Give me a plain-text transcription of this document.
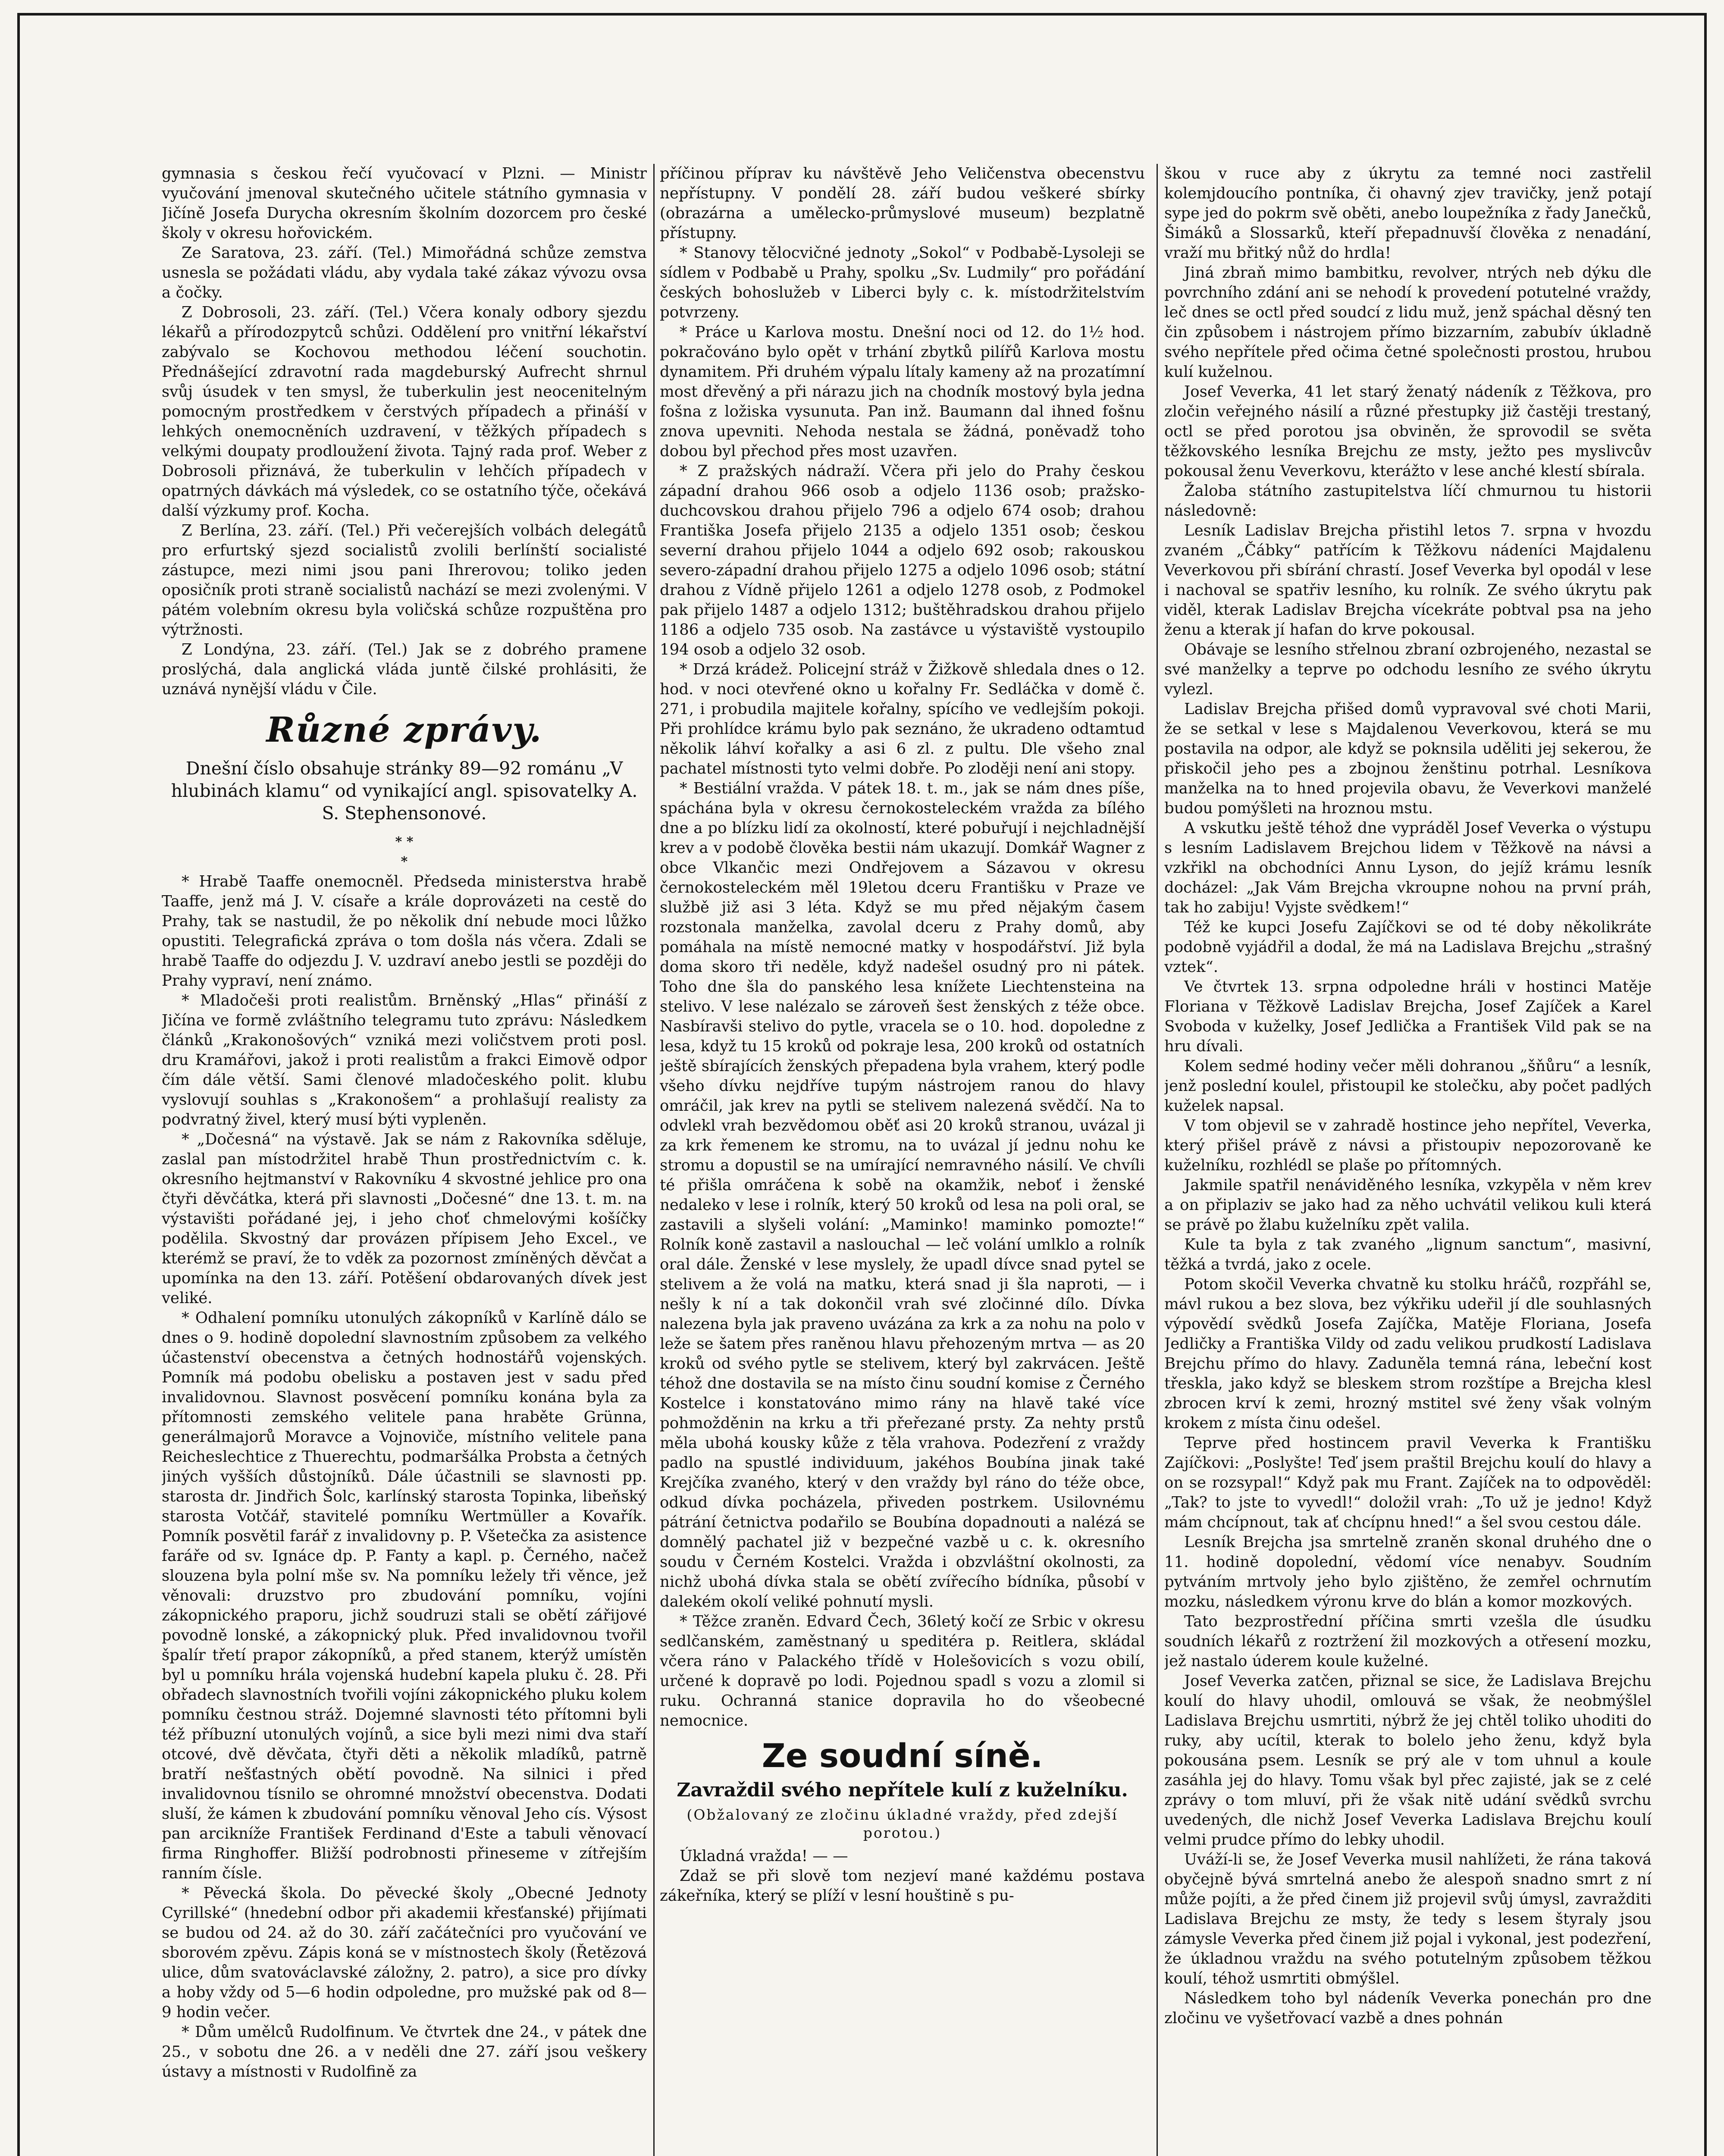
gymnasia s českou řečí vyučovací v Plzni. — Ministr vyučování jmenoval skutečného učitele státního gymnasia v Jičíně Josefa Durycha okresním školním dozorcem pro české školy v okresu hořovickém.

Ze Saratova, 23. září. (Tel.) Mimořádná schůze zemstva usnesla se požádati vládu, aby vydala také zákaz vývozu ovsa a čočky.

Z Dobrosoli, 23. září. (Tel.) Včera konaly odbory sjezdu lékařů a přírodozpytců schůzi. Oddělení pro vnitřní lékařství zabývalo se Kochovou methodou léčení souchotin. Přednášející zdravotní rada magdeburský Aufrecht shrnul svůj úsudek v ten smysl, že tuberkulin jest neocenitelným pomocným prostředkem v čerstvých případech a přináší v lehkých onemocněních uzdravení, v těžkých případech s velkými doupaty prodloužení života. Tajný rada prof. Weber z Dobrosoli přiznává, že tuberkulin v lehčích případech v opatrných dávkách má výsledek, co se ostatního týče, očekává další výzkumy prof. Kocha.

Z Berlína, 23. září. (Tel.) Při večerejších volbách delegátů pro erfurtský sjezd socialistů zvolili berlínští socialisté zástupce, mezi nimi jsou pani Ihrerovou; toliko jeden oposičník proti straně socialistů nachází se mezi zvolenými. V pátém volebním okresu byla voličská schůze rozpuštěna pro výtržnosti.

Z Londýna, 23. září. (Tel.) Jak se z dobrého pramene proslýchá, dala anglická vláda juntě čilské prohlásiti, že uznává nynější vládu v Čile.

Různé zprávy.
Dnešní číslo obsahuje stránky 89—92 románu „V hlubinách klamu“ od vynikající angl. spisovatelky A. S. Stephensonové.
* *
*

* Hrabě Taaffe onemocněl. Předseda ministerstva hrabě Taaffe, jenž má J. V. císaře a krále doprovázeti na cestě do Prahy, tak se nastudil, že po několik dní nebude moci lůžko opustiti. Telegrafická zpráva o tom došla nás včera. Zdali se hrabě Taaffe do odjezdu J. V. uzdraví anebo jestli se později do Prahy vypraví, není známo.

* Mladočeši proti realistům. Brněnský „Hlas“ přináší z Jičína ve formě zvláštního telegramu tuto zprávu: Následkem článků „Krakonošových“ vzniká mezi voličstvem proti posl. dru Kramářovi, jakož i proti realistům a frakci Eimově odpor čím dále větší. Sami členové mladočeského polit. klubu vyslovují souhlas s „Krakonošem“ a prohlašují realisty za podvratný živel, který musí býti vypleněn.

* „Dočesná“ na výstavě. Jak se nám z Rakovníka sděluje, zaslal pan místodržitel hrabě Thun prostřednictvím c. k. okresního hejtmanství v Rakovníku 4 skvostné jehlice pro ona čtyři děvčátka, která při slavnosti „Dočesné“ dne 13. t. m. na výstavišti pořádané jej, i jeho choť chmelovými košíčky podělila. Skvostný dar provázen přípisem Jeho Excel., ve kterémž se praví, že to vděk za pozornost zmíněných děvčat a upomínka na den 13. září. Potěšení obdarovaných dívek jest veliké.

* Odhalení pomníku utonulých zákopníků v Karlíně dálo se dnes o 9. hodině dopolední slavnostním způsobem za velkého účastenství obecenstva a četných hodnostářů vojenských. Pomník má podobu obelisku a postaven jest v sadu před invalidovnou. Slavnost posvěcení pomníku konána byla za přítomnosti zemského velitele pana hraběte Grünna, generálmajorů Moravce a Vojnoviče, místního velitele pana Reicheslechtice z Thuerechtu, podmaršálka Probsta a četných jiných vyšších důstojníků. Dále účastnili se slavnosti pp. starosta dr. Jindřich Šolc, karlínský starosta Topinka, libeňský starosta Votčář, stavitelé pomníku Wertmüller a Kovařík. Pomník posvětil farář z invalidovny p. P. Všetečka za asistence faráře od sv. Ignáce dp. P. Fanty a kapl. p. Černého, načež slouzena byla polní mše sv. Na pomníku ležely tři věnce, jež věnovali: druzstvo pro zbudování pomníku, vojíni zákopnického praporu, jichž soudruzi stali se obětí zářijové povodně lonské, a zákopnický pluk. Před invalidovnou tvořil špalír třetí prapor zákopníků, a před stanem, kterýž umístěn byl u pomníku hrála vojenská hudební kapela pluku č. 28. Při obřadech slavnostních tvořili vojíni zákopnického pluku kolem pomníku čestnou stráž. Dojemné slavnosti této přítomni byli též příbuzní utonulých vojínů, a sice byli mezi nimi dva staří otcové, dvě děvčata, čtyři děti a několik mladíků, patrně bratří nešťastných obětí povodně. Na silnici i před invalidovnou tísnilo se ohromné množství obecenstva. Dodati sluší, že kámen k zbudování pomníku věnoval Jeho cís. Výsost pan arcikníže František Ferdinand d'Este a tabuli věnovací firma Ringhoffer. Bližší podrobnosti přineseme v zítřejším ranním čísle.

* Pěvecká škola. Do pěvecké školy „Obecné Jednoty Cyrillské“ (hnedební odbor při akademii křesťanské) přijímati se budou od 24. až do 30. září začátečníci pro vyučování ve sborovém zpěvu. Zápis koná se v místnostech školy (Řetězová ulice, dům svatováclavské záložny, 2. patro), a sice pro dívky a hoby vždy od 5—6 hodin odpoledne, pro mužské pak od 8—9 hodin večer.

* Dům umělců Rudolfinum. Ve čtvrtek dne 24., v pátek dne 25., v sobotu dne 26. a v neděli dne 27. září jsou veškery ústavy a místnosti v Rudolfině za

příčinou příprav ku návštěvě Jeho Veličenstva obecenstvu nepřístupny. V pondělí 28. září budou veškeré sbírky (obrazárna a umělecko-průmyslové museum) bezplatně přístupny.

* Stanovy tělocvičné jednoty „Sokol“ v Podbabě-Lysoleji se sídlem v Podbabě u Prahy, spolku „Sv. Ludmily“ pro pořádání českých bohoslužeb v Liberci byly c. k. místodržitelstvím potvrzeny.

* Práce u Karlova mostu. Dnešní noci od 12. do 1½ hod. pokračováno bylo opět v trhání zbytků pilířů Karlova mostu dynamitem. Při druhém výpalu lítaly kameny až na prozatímní most dřevěný a při nárazu jich na chodník mostový byla jedna fošna z ložiska vysunuta. Pan inž. Baumann dal ihned fošnu znova upevniti. Nehoda nestala se žádná, poněvadž toho dobou byl přechod přes most uzavřen.

* Z pražských nádraží. Včera při jelo do Prahy českou západní drahou 966 osob a odjelo 1136 osob; pražsko-duchcovskou drahou přijelo 796 a odjelo 674 osob; drahou Františka Josefa přijelo 2135 a odjelo 1351 osob; českou severní drahou přijelo 1044 a odjelo 692 osob; rakouskou severo-západní drahou přijelo 1275 a odjelo 1096 osob; státní drahou z Vídně přijelo 1261 a odjelo 1278 osob, z Podmokel pak přijelo 1487 a odjelo 1312; buštěhradskou drahou přijelo 1186 a odjelo 735 osob. Na zastávce u výstaviště vystoupilo 194 osob a odjelo 32 osob.

* Drzá krádež. Policejní stráž v Žižkově shledala dnes o 12. hod. v noci otevřené okno u kořalny Fr. Sedláčka v domě č. 271, i probudila majitele kořalny, spícího ve vedlejším pokoji. Při prohlídce krámu bylo pak seznáno, že ukradeno odtamtud několik láhví kořalky a asi 6 zl. z pultu. Dle všeho znal pachatel místnosti tyto velmi dobře. Po zloději není ani stopy.

* Bestiální vražda. V pátek 18. t. m., jak se nám dnes píše, spáchána byla v okresu černokosteleckém vražda za bílého dne a po blízku lidí za okolností, které pobuřují i nejchladnější krev a v podobě člověka bestii nám ukazují. Domkář Wagner z obce Vlkančic mezi Ondřejovem a Sázavou v okresu černokosteleckém měl 19letou dceru Františku v Praze ve službě již asi 3 léta. Když se mu před nějakým časem rozstonala manželka, zavolal dceru z Prahy domů, aby pomáhala na místě nemocné matky v hospodářství. Již byla doma skoro tři neděle, když nadešel osudný pro ni pátek. Toho dne šla do panského lesa knížete Liechtensteina na stelivo. V lese nalézalo se zároveň šest ženských z téže obce. Nasbíravši stelivo do pytle, vracela se o 10. hod. dopoledne z lesa, když tu 15 kroků od pokraje lesa, 200 kroků od ostatních ještě sbírajících ženských přepadena byla vrahem, který podle všeho dívku nejdříve tupým nástrojem ranou do hlavy omráčil, jak krev na pytli se stelivem nalezená svědčí. Na to odvlekl vrah bezvědomou oběť asi 20 kroků stranou, uvázal ji za krk řemenem ke stromu, na to uvázal jí jednu nohu ke stromu a dopustil se na umírající nemravného násilí. Ve chvíli té přišla omráčena k sobě na okamžik, neboť i ženské nedaleko v lese i rolník, který 50 kroků od lesa na poli oral, se zastavili a slyšeli volání: „Maminko! maminko pomozte!“ Rolník koně zastavil a naslouchal — leč volání umlklo a rolník oral dále. Ženské v lese myslely, že upadl dívce snad pytel se stelivem a že volá na matku, která snad ji šla naproti, — i nešly k ní a tak dokončil vrah své zločinné dílo. Dívka nalezena byla jak praveno uvázána za krk a za nohu na polo v leže se šatem přes raněnou hlavu přehozeným mrtva — as 20 kroků od svého pytle se stelivem, který byl zakrvácen. Ještě téhož dne dostavila se na místo činu soudní komise z Černého Kostelce i konstatováno mimo rány na hlavě také více pohmožděnin na krku a tři přeřezané prsty. Za nehty prstů měla ubohá kousky kůže z těla vrahova. Podezření z vraždy padlo na spustlé individuum, jakéhos Boubína jinak také Krejčíka zvaného, který v den vraždy byl ráno do téže obce, odkud dívka pocházela, přiveden postrkem. Usilovnému pátrání četnictva podařilo se Boubína dopadnouti a nalézá se domnělý pachatel již v bezpečné vazbě u c. k. okresního soudu v Černém Kostelci. Vražda i obzvláštní okolnosti, za nichž ubohá dívka stala se obětí zvířecího bídníka, působí v dalekém okolí veliké pohnutí mysli.

* Těžce zraněn. Edvard Čech, 36letý kočí ze Srbic v okresu sedlčanském, zaměstnaný u speditéra p. Reitlera, skládal včera ráno v Palackého třídě v Holešovicích s vozu obilí, určené k dopravě po lodi. Pojednou spadl s vozu a zlomil si ruku. Ochranná stanice dopravila ho do všeobecné nemocnice.

Ze soudní síně.
Zavraždil svého nepřítele kulí z kuželníku.
(Obžalovaný ze zločinu úkladné vraždy, před zdejší porotou.)

Úkladná vražda! — —

Zdaž se při slově tom nezjeví mané každému postava zákeřníka, který se plíží v lesní houštině s pu-

škou v ruce aby z úkrytu za temné noci zastřelil kolemjdoucího pontníka, či ohavný zjev travičky, jenž potají sype jed do pokrm svě oběti, anebo loupežníka z řady Janečků, Šimáků a Slossarků, kteří přepadnuvší člověka z nenadání, vraží mu břitký nůž do hrdla!

Jiná zbraň mimo bambitku, revolver, ntrých neb dýku dle povrchního zdání ani se nehodí k provedení potutelné vraždy, leč dnes se octl před soudcí z lidu muž, jenž spáchal děsný ten čin způsobem i nástrojem přímo bizzarním, zabubív úkladně svého nepřítele před očima četné společnosti prostou, hrubou kulí kuželnou.

Josef Veverka, 41 let starý ženatý nádeník z Těžkova, pro zločin veřejného násilí a různé přestupky již častěji trestaný, octl se před porotou jsa obviněn, že sprovodil se světa těžkovského lesníka Brejchu ze msty, ježto pes myslivcův pokousal ženu Veverkovu, kterážto v lese anché klestí sbírala.

Žaloba státního zastupitelstva líčí chmurnou tu historii následovně:

Lesník Ladislav Brejcha přistihl letos 7. srpna v hvozdu zvaném „Čábky“ patřícím k Těžkovu nádeníci Majdalenu Veverkovou při sbírání chrastí. Josef Veverka byl opodál v lese i nachoval se spatřiv lesního, ku rolník. Ze svého úkrytu pak viděl, kterak Ladislav Brejcha vícekráte pobtval psa na jeho ženu a kterak jí hafan do krve pokousal.

Obávaje se lesního střelnou zbraní ozbrojeného, nezastal se své manželky a teprve po odchodu lesního ze svého úkrytu vylezl.

Ladislav Brejcha přišed domů vypravoval své choti Marii, že se setkal v lese s Majdalenou Veverkovou, která se mu postavila na odpor, ale když se poknsila uděliti jej sekerou, že přiskočil jeho pes a zbojnou ženštinu potrhal. Lesníkova manželka na to hned projevila obavu, že Veverkovi manželé budou pomýšleti na hroznou mstu.

A vskutku ještě téhož dne vypráděl Josef Veverka o výstupu s lesním Ladislavem Brejchou lidem v Těžkově na návsi a vzkřikl na obchodníci Annu Lyson, do jejíž krámu lesník docházel: „Jak Vám Brejcha vkroupne nohou na první práh, tak ho zabiju! Vyjste svědkem!“

Též ke kupci Josefu Zajíčkovi se od té doby několikráte podobně vyjádřil a dodal, že má na Ladislava Brejchu „strašný vztek“.

Ve čtvrtek 13. srpna odpoledne hráli v hostinci Matěje Floriana v Těžkově Ladislav Brejcha, Josef Zajíček a Karel Svoboda v kuželky, Josef Jedlička a František Vild pak se na hru dívali.

Kolem sedmé hodiny večer měli dohranou „šňůru“ a lesník, jenž poslední koulel, přistoupil ke stolečku, aby počet padlých kuželek napsal.

V tom objevil se v zahradě hostince jeho nepřítel, Veverka, který přišel právě z návsi a přistoupiv nepozorovaně ke kuželníku, rozhlédl se plaše po přítomných.

Jakmile spatřil nenáviděného lesníka, vzkypěla v něm krev a on připlaziv se jako had za něho uchvátil velikou kuli která se právě po žlabu kuželníku zpět valila.

Kule ta byla z tak zvaného „lignum sanctum“, masivní, těžká a tvrdá, jako z ocele.

Potom skočil Veverka chvatně ku stolku hráčů, rozpřáhl se, mávl rukou a bez slova, bez výkřiku udeřil jí dle souhlasných výpovědí svědků Josefa Zajíčka, Matěje Floriana, Josefa Jedličky a Františka Vildy od zadu velikou prudkostí Ladislava Brejchu přímo do hlavy. Zaduněla temná rána, lebeční kost třeskla, jako když se bleskem strom rozštípe a Brejcha klesl zbrocen krví k zemi, hrozný mstitel své ženy však volným krokem z místa činu odešel.

Teprve před hostincem pravil Veverka k Františku Zajíčkovi: „Poslyšte! Teď jsem praštil Brejchu koulí do hlavy a on se rozsypal!“ Když pak mu Frant. Zajíček na to odpověděl: „Tak? to jste to vyvedl!“ doložil vrah: „To už je jedno! Když mám chcípnout, tak ať chcípnu hned!“ a šel svou cestou dále.

Lesník Brejcha jsa smrtelně zraněn skonal druhého dne o 11. hodině dopolední, vědomí více nenabyv. Soudním pytváním mrtvoly jeho bylo zjištěno, že zemřel ochrnutím mozku, následkem výronu krve do blán a komor mozkových.

Tato bezprostřední příčina smrti vzešla dle úsudku soudních lékařů z roztržení žil mozkových a otřesení mozku, jež nastalo úderem koule kuželné.

Josef Veverka zatčen, přiznal se sice, že Ladislava Brejchu koulí do hlavy uhodil, omlouvá se však, že neobmýšlel Ladislava Brejchu usmrtiti, nýbrž že jej chtěl toliko uhoditi do ruky, aby ucítil, kterak to bolelo jeho ženu, když byla pokousána psem. Lesník se prý ale v tom uhnul a koule zasáhla jej do hlavy. Tomu však byl přec zajisté, jak se z celé zprávy o tom mluví, při že však nitě udání svědků svrchu uvedených, dle nichž Josef Veverka Ladislava Brejchu koulí velmi prudce přímo do lebky uhodil.

Uváží-li se, že Josef Veverka musil nahlížeti, že rána taková obyčejně bývá smrtelná anebo že alespoň snadno smrt z ní může pojíti, a že před činem již projevil svůj úmysl, zavražditi Ladislava Brejchu ze msty, že tedy s lesem štyraly jsou zámysle Veverka před činem již pojal i vykonal, jest podezření, že úkladnou vraždu na svého potutelným způsobem těžkou koulí, téhož usmrtiti obmýšlel.

Následkem toho byl nádeník Veverka ponechán pro dne zločinu ve vyšetřovací vazbě a dnes pohnán
